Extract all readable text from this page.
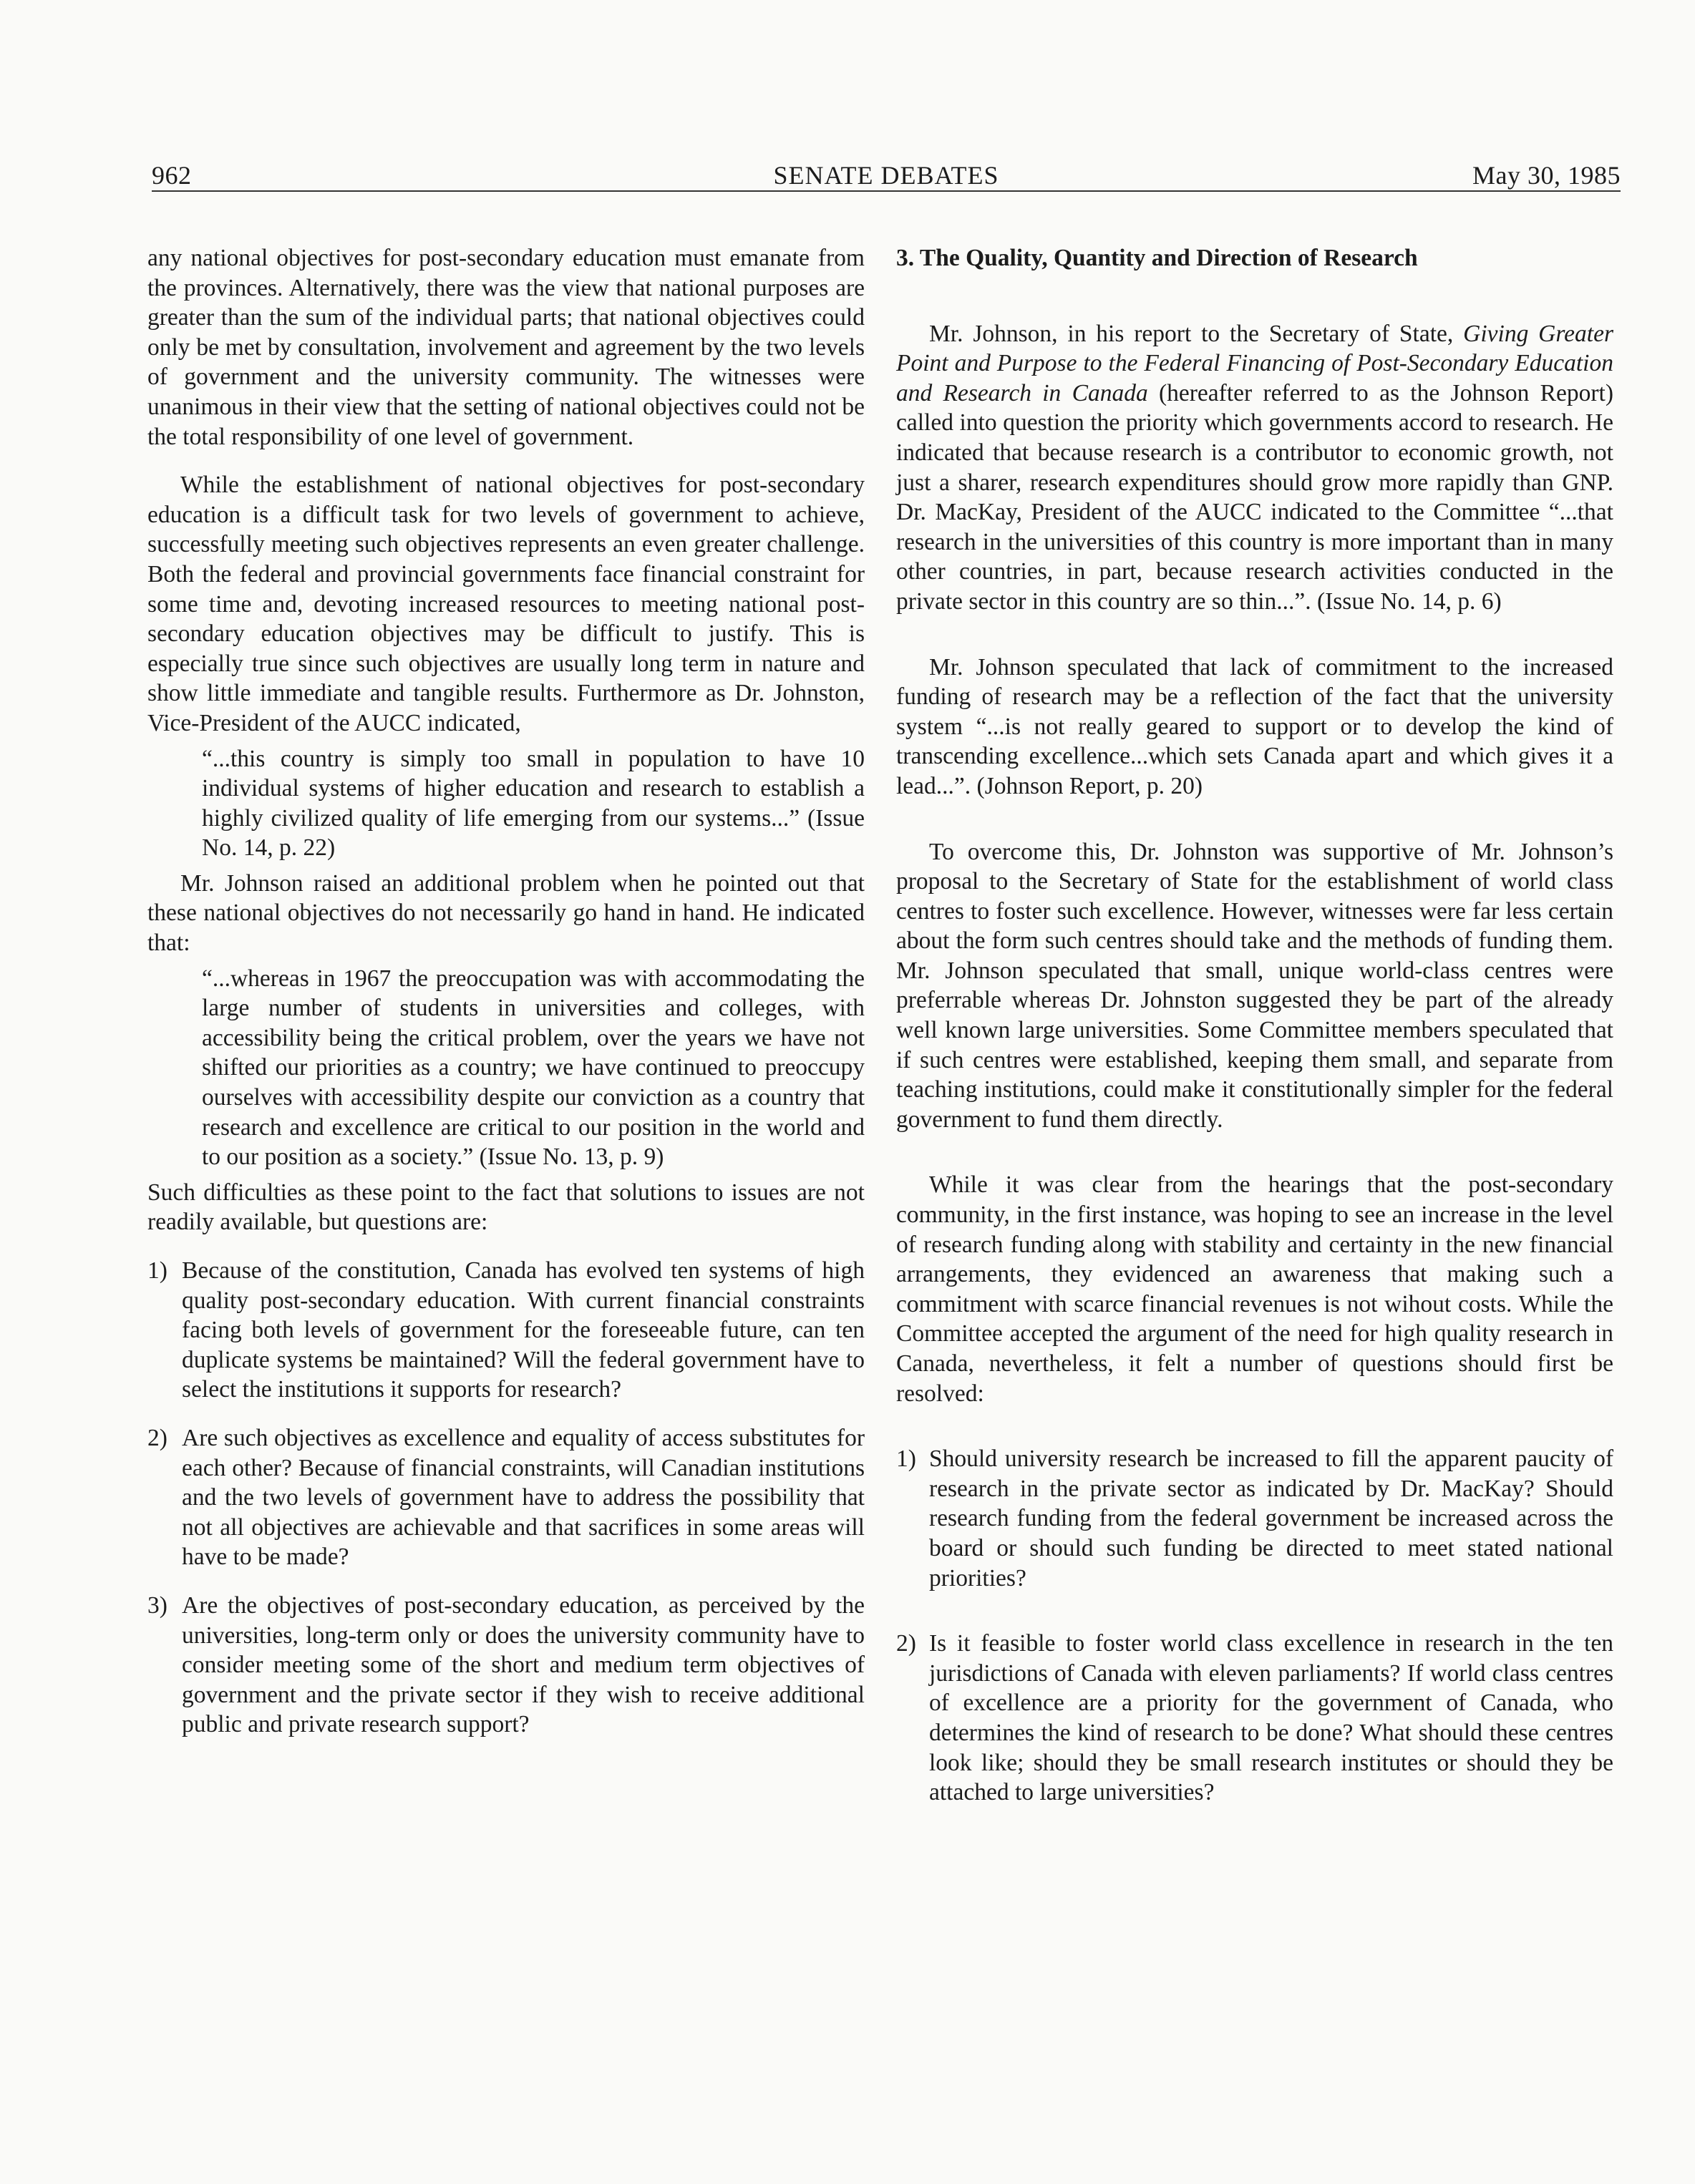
962	SENATE DEBATES	May 30, 1985

any national objectives for post-secondary education must emanate from the provinces. Alternatively, there was the view that national purposes are greater than the sum of the individual parts; that national objectives could only be met by consultation, involvement and agreement by the two levels of government and the university community. The witnesses were unanimous in their view that the setting of national objectives could not be the total responsibility of one level of government.

While the establishment of national objectives for post-secondary education is a difficult task for two levels of government to achieve, successfully meeting such objectives represents an even greater challenge. Both the federal and provincial governments face financial constraint for some time and, devoting increased resources to meeting national post-secondary education objectives may be difficult to justify. This is especially true since such objectives are usually long term in nature and show little immediate and tangible results. Furthermore as Dr. Johnston, Vice-President of the AUCC indicated,

“...this country is simply too small in population to have 10 individual systems of higher education and research to establish a highly civilized quality of life emerging from our systems...” (Issue No. 14, p. 22)

Mr. Johnson raised an additional problem when he pointed out that these national objectives do not necessarily go hand in hand. He indicated that:

“...whereas in 1967 the preoccupation was with accommodating the large number of students in universities and colleges, with accessibility being the critical problem, over the years we have not shifted our priorities as a country; we have continued to preoccupy ourselves with accessibility despite our conviction as a country that research and excellence are critical to our position in the world and to our position as a society.” (Issue No. 13, p. 9)

Such difficulties as these point to the fact that solutions to issues are not readily available, but questions are:

1) Because of the constitution, Canada has evolved ten systems of high quality post-secondary education. With current financial constraints facing both levels of government for the foreseeable future, can ten duplicate systems be maintained? Will the federal government have to select the institutions it supports for research?
2) Are such objectives as excellence and equality of access substitutes for each other? Because of financial constraints, will Canadian institutions and the two levels of government have to address the possibility that not all objectives are achievable and that sacrifices in some areas will have to be made?
3) Are the objectives of post-secondary education, as perceived by the universities, long-term only or does the university community have to consider meeting some of the short and medium term objectives of government and the private sector if they wish to receive additional public and private research support?

3. The Quality, Quantity and Direction of Research

Mr. Johnson, in his report to the Secretary of State, Giving Greater Point and Purpose to the Federal Financing of Post-Secondary Education and Research in Canada (hereafter referred to as the Johnson Report) called into question the priority which governments accord to research. He indicated that because research is a contributor to economic growth, not just a sharer, research expenditures should grow more rapidly than GNP. Dr. MacKay, President of the AUCC indicated to the Committee “...that research in the universities of this country is more important than in many other countries, in part, because research activities conducted in the private sector in this country are so thin...”. (Issue No. 14, p. 6)

Mr. Johnson speculated that lack of commitment to the increased funding of research may be a reflection of the fact that the university system “...is not really geared to support or to develop the kind of transcending excellence...which sets Canada apart and which gives it a lead...”. (Johnson Report, p. 20)

To overcome this, Dr. Johnston was supportive of Mr. Johnson’s proposal to the Secretary of State for the establishment of world class centres to foster such excellence. However, witnesses were far less certain about the form such centres should take and the methods of funding them. Mr. Johnson speculated that small, unique world-class centres were preferrable whereas Dr. Johnston suggested they be part of the already well known large universities. Some Committee members speculated that if such centres were established, keeping them small, and separate from teaching institutions, could make it constitutionally simpler for the federal government to fund them directly.

While it was clear from the hearings that the post-secondary community, in the first instance, was hoping to see an increase in the level of research funding along with stability and certainty in the new financial arrangements, they evidenced an awareness that making such a commitment with scarce financial revenues is not wihout costs. While the Committee accepted the argument of the need for high quality research in Canada, nevertheless, it felt a number of questions should first be resolved:

1) Should university research be increased to fill the apparent paucity of research in the private sector as indicated by Dr. MacKay? Should research funding from the federal government be increased across the board or should such funding be directed to meet stated national priorities?
2) Is it feasible to foster world class excellence in research in the ten jurisdictions of Canada with eleven parliaments? If world class centres of excellence are a priority for the government of Canada, who determines the kind of research to be done? What should these centres look like; should they be small research institutes or should they be attached to large universities?
